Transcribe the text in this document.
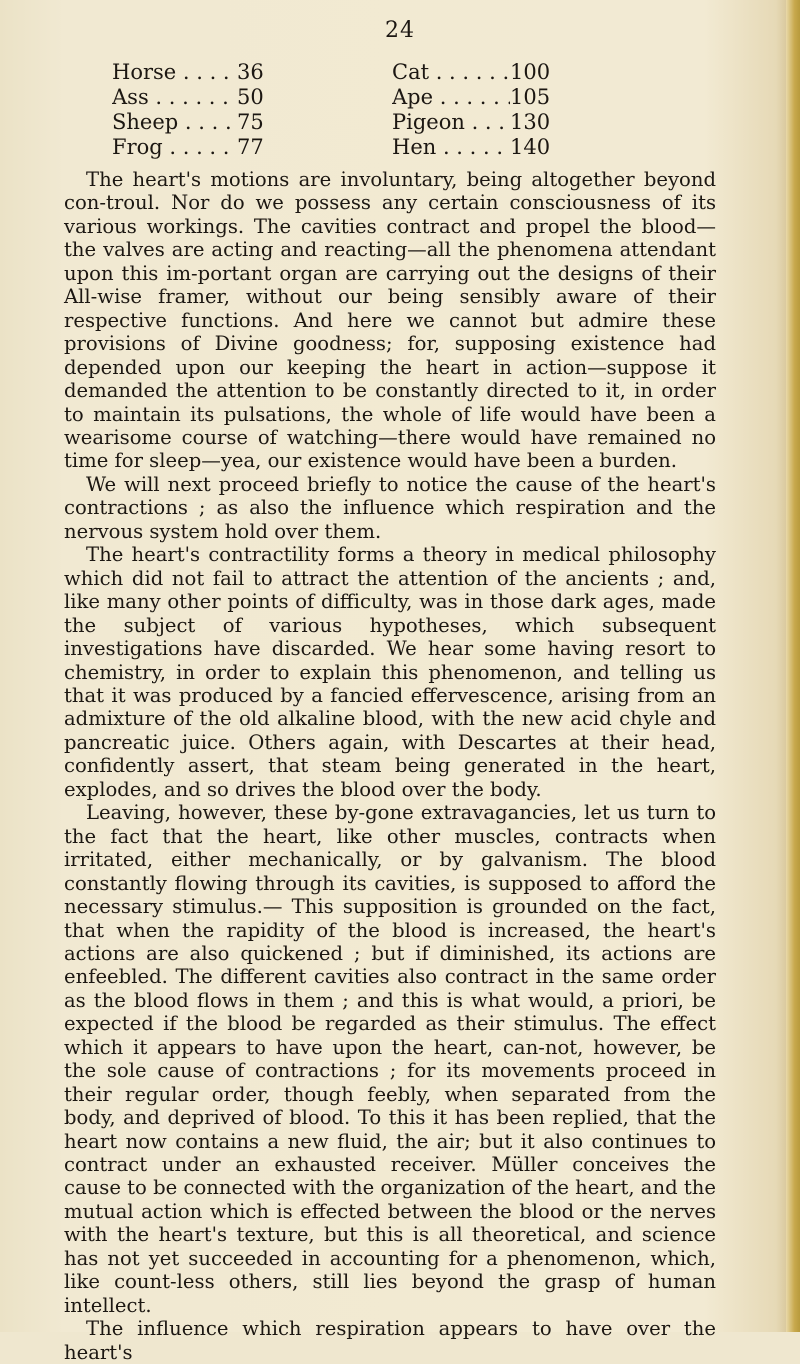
24
Horse . . .	36	Cat . . .	100
Ass . . .	50	Ape . . .	105
Sheep . . .	75	Pigeon . . .	130
Frog . . .	77	Hen . . .	140

The heart's motions are involuntary, being altogether beyond con-troul. Nor do we possess any certain consciousness of its various workings. The cavities contract and propel the blood—the valves are acting and reacting—all the phenomena attendant upon this im-portant organ are carrying out the designs of their All-wise framer, without our being sensibly aware of their respective functions. And here we cannot but admire these provisions of Divine goodness; for, supposing existence had depended upon our keeping the heart in action—suppose it demanded the attention to be constantly directed to it, in order to maintain its pulsations, the whole of life would have been a wearisome course of watching—there would have remained no time for sleep—yea, our existence would have been a burden.

We will next proceed briefly to notice the cause of the heart's contractions ; as also the influence which respiration and the nervous system hold over them.

The heart's contractility forms a theory in medical philosophy which did not fail to attract the attention of the ancients ; and, like many other points of difficulty, was in those dark ages, made the subject of various hypotheses, which subsequent investigations have discarded. We hear some having resort to chemistry, in order to explain this phenomenon, and telling us that it was produced by a fancied effervescence, arising from an admixture of the old alkaline blood, with the new acid chyle and pancreatic juice. Others again, with Descartes at their head, confidently assert, that steam being generated in the heart, explodes, and so drives the blood over the body.

Leaving, however, these by-gone extravagancies, let us turn to the fact that the heart, like other muscles, contracts when irritated, either mechanically, or by galvanism. The blood constantly flowing through its cavities, is supposed to afford the necessary stimulus.— This supposition is grounded on the fact, that when the rapidity of the blood is increased, the heart's actions are also quickened ; but if diminished, its actions are enfeebled. The different cavities also contract in the same order as the blood flows in them ; and this is what would, a priori, be expected if the blood be regarded as their stimulus. The effect which it appears to have upon the heart, can-not, however, be the sole cause of contractions ; for its movements proceed in their regular order, though feebly, when separated from the body, and deprived of blood. To this it has been replied, that the heart now contains a new fluid, the air; but it also continues to contract under an exhausted receiver. Müller conceives the cause to be connected with the organization of the heart, and the mutual action which is effected between the blood or the nerves with the heart's texture, but this is all theoretical, and science has not yet succeeded in accounting for a phenomenon, which, like count-less others, still lies beyond the grasp of human intellect.

The influence which respiration appears to have over the heart's
